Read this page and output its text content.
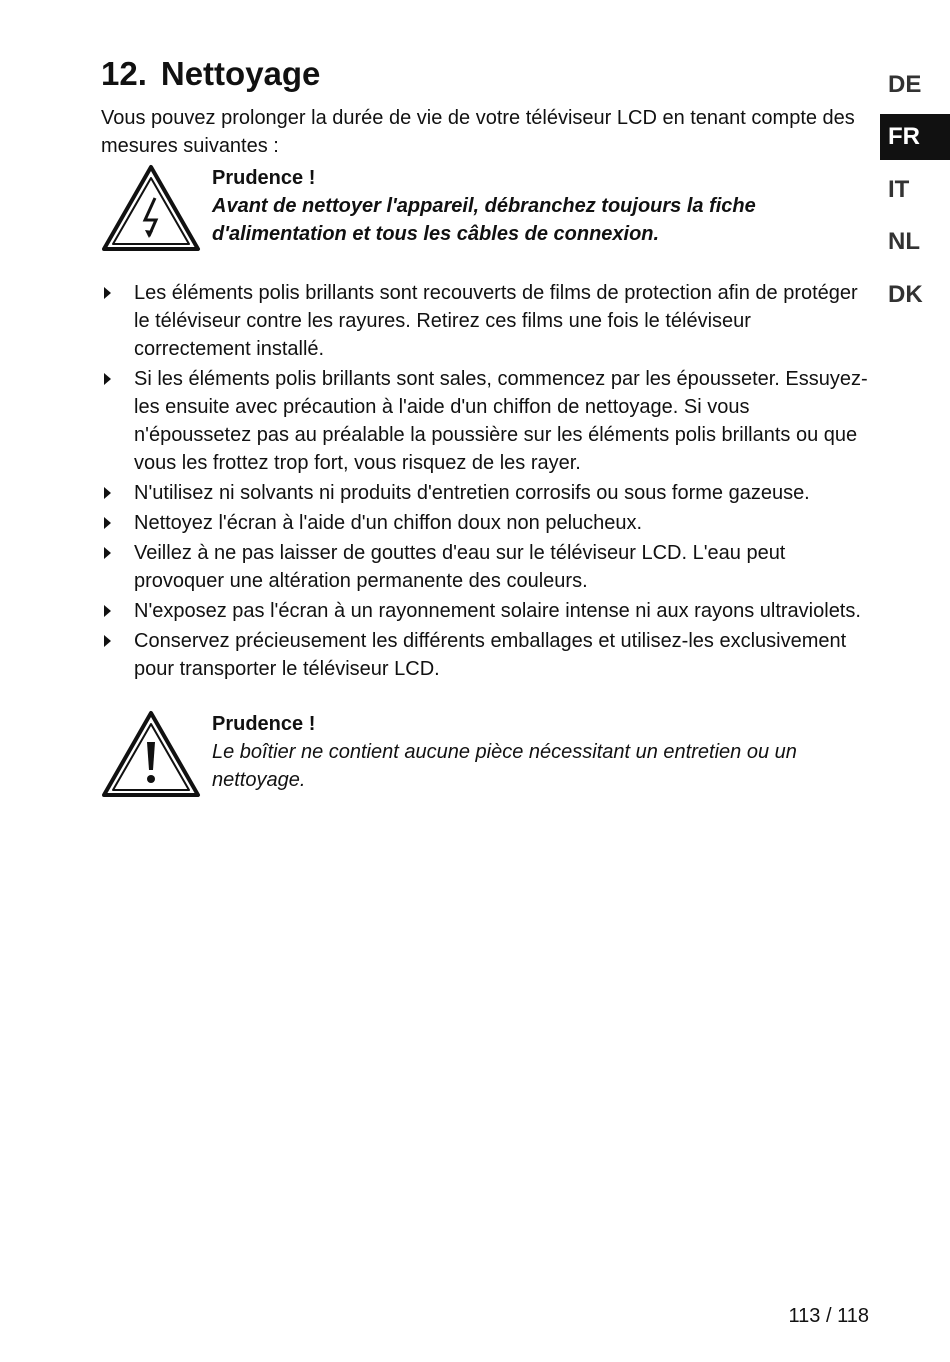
12. Nettoyage

Vous pouvez prolonger la durée de vie de votre téléviseur LCD en tenant compte des mesures suivantes :

Prudence !
Avant de nettoyer l'appareil, débranchez toujours la fiche d'alimentation et tous les câbles de connexion.
Les éléments polis brillants sont recouverts de films de protection afin de protéger le téléviseur contre les rayures. Retirez ces films une fois le téléviseur correctement installé.
Si les éléments polis brillants sont sales, commencez par les épousseter. Essuyez-les ensuite avec précaution à l'aide d'un chiffon de nettoyage. Si vous n'époussetez pas au préalable la poussière sur les éléments polis brillants ou que vous les frottez trop fort, vous risquez de les rayer.
N'utilisez ni solvants ni produits d'entretien corrosifs ou sous forme gazeuse.
Nettoyez l'écran à l'aide d'un chiffon doux non pelucheux.
Veillez à ne pas laisser de gouttes d'eau sur le téléviseur LCD. L'eau peut provoquer une altération permanente des couleurs.
N'exposez pas l'écran à un rayonnement solaire intense ni aux rayons ultraviolets.
Conservez précieusement les différents emballages et utilisez-les exclusivement pour transporter le téléviseur LCD.
Prudence !
Le boîtier ne contient aucune pièce nécessitant un entretien ou un nettoyage.
DE
FR
IT
NL
DK
113 / 118
